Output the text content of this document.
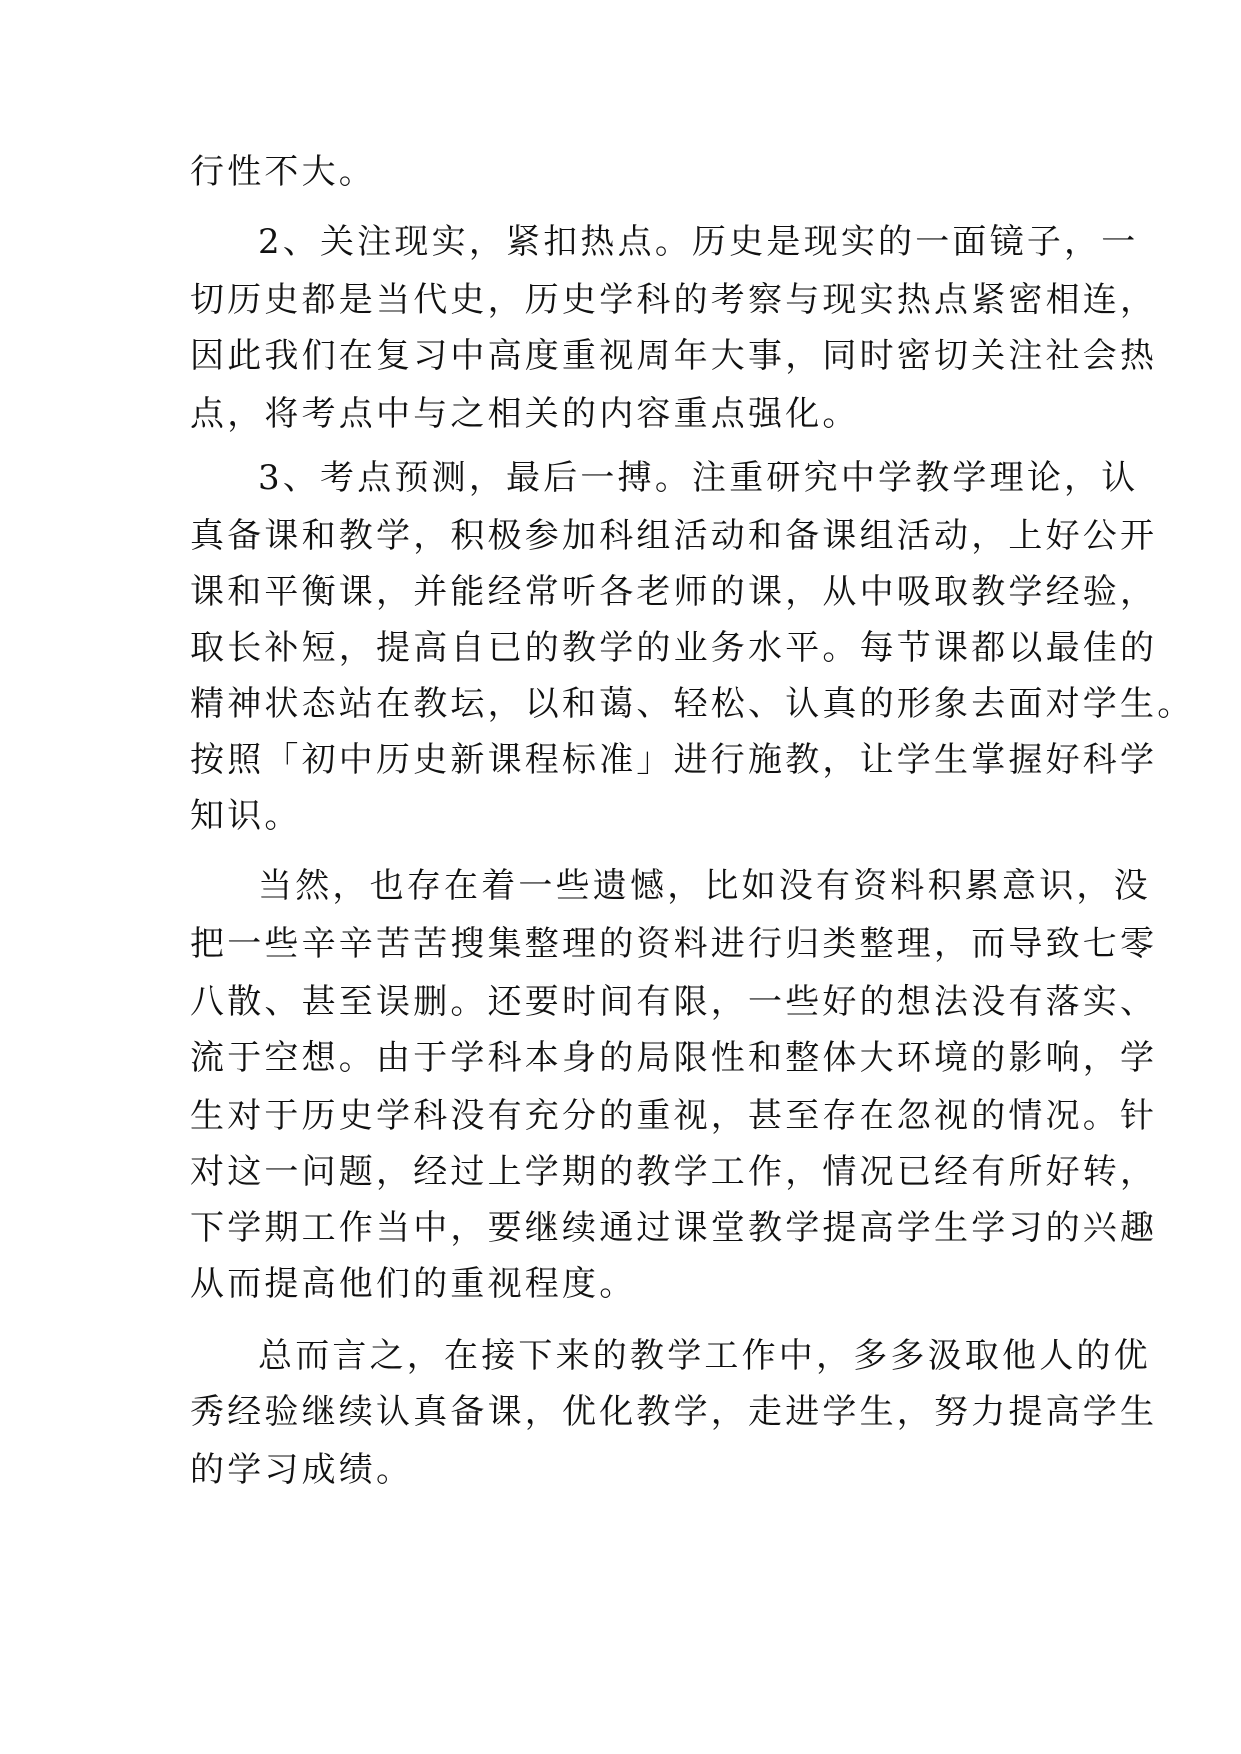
行性不大。
2、关注现实，紧扣热点。历史是现实的一面镜子，一
切历史都是当代史，历史学科的考察与现实热点紧密相连，
因此我们在复习中高度重视周年大事，同时密切关注社会热
点，将考点中与之相关的内容重点强化。
3、考点预测，最后一搏。注重研究中学教学理论，认
真备课和教学，积极参加科组活动和备课组活动，上好公开
课和平衡课，并能经常听各老师的课，从中吸取教学经验，
取长补短，提高自已的教学的业务水平。每节课都以最佳的
精神状态站在教坛，以和蔼、轻松、认真的形象去面对学生。
按照「初中历史新课程标准」进行施教，让学生掌握好科学
知识。
当然，也存在着一些遗憾，比如没有资料积累意识，没
把一些辛辛苦苦搜集整理的资料进行归类整理，而导致七零
八散、甚至误删。还要时间有限，一些好的想法没有落实、
流于空想。由于学科本身的局限性和整体大环境的影响，学
生对于历史学科没有充分的重视，甚至存在忽视的情况。针
对这一问题，经过上学期的教学工作，情况已经有所好转，
下学期工作当中，要继续通过课堂教学提高学生学习的兴趣
从而提高他们的重视程度。
总而言之，在接下来的教学工作中，多多汲取他人的优
秀经验继续认真备课，优化教学，走进学生，努力提高学生
的学习成绩。
